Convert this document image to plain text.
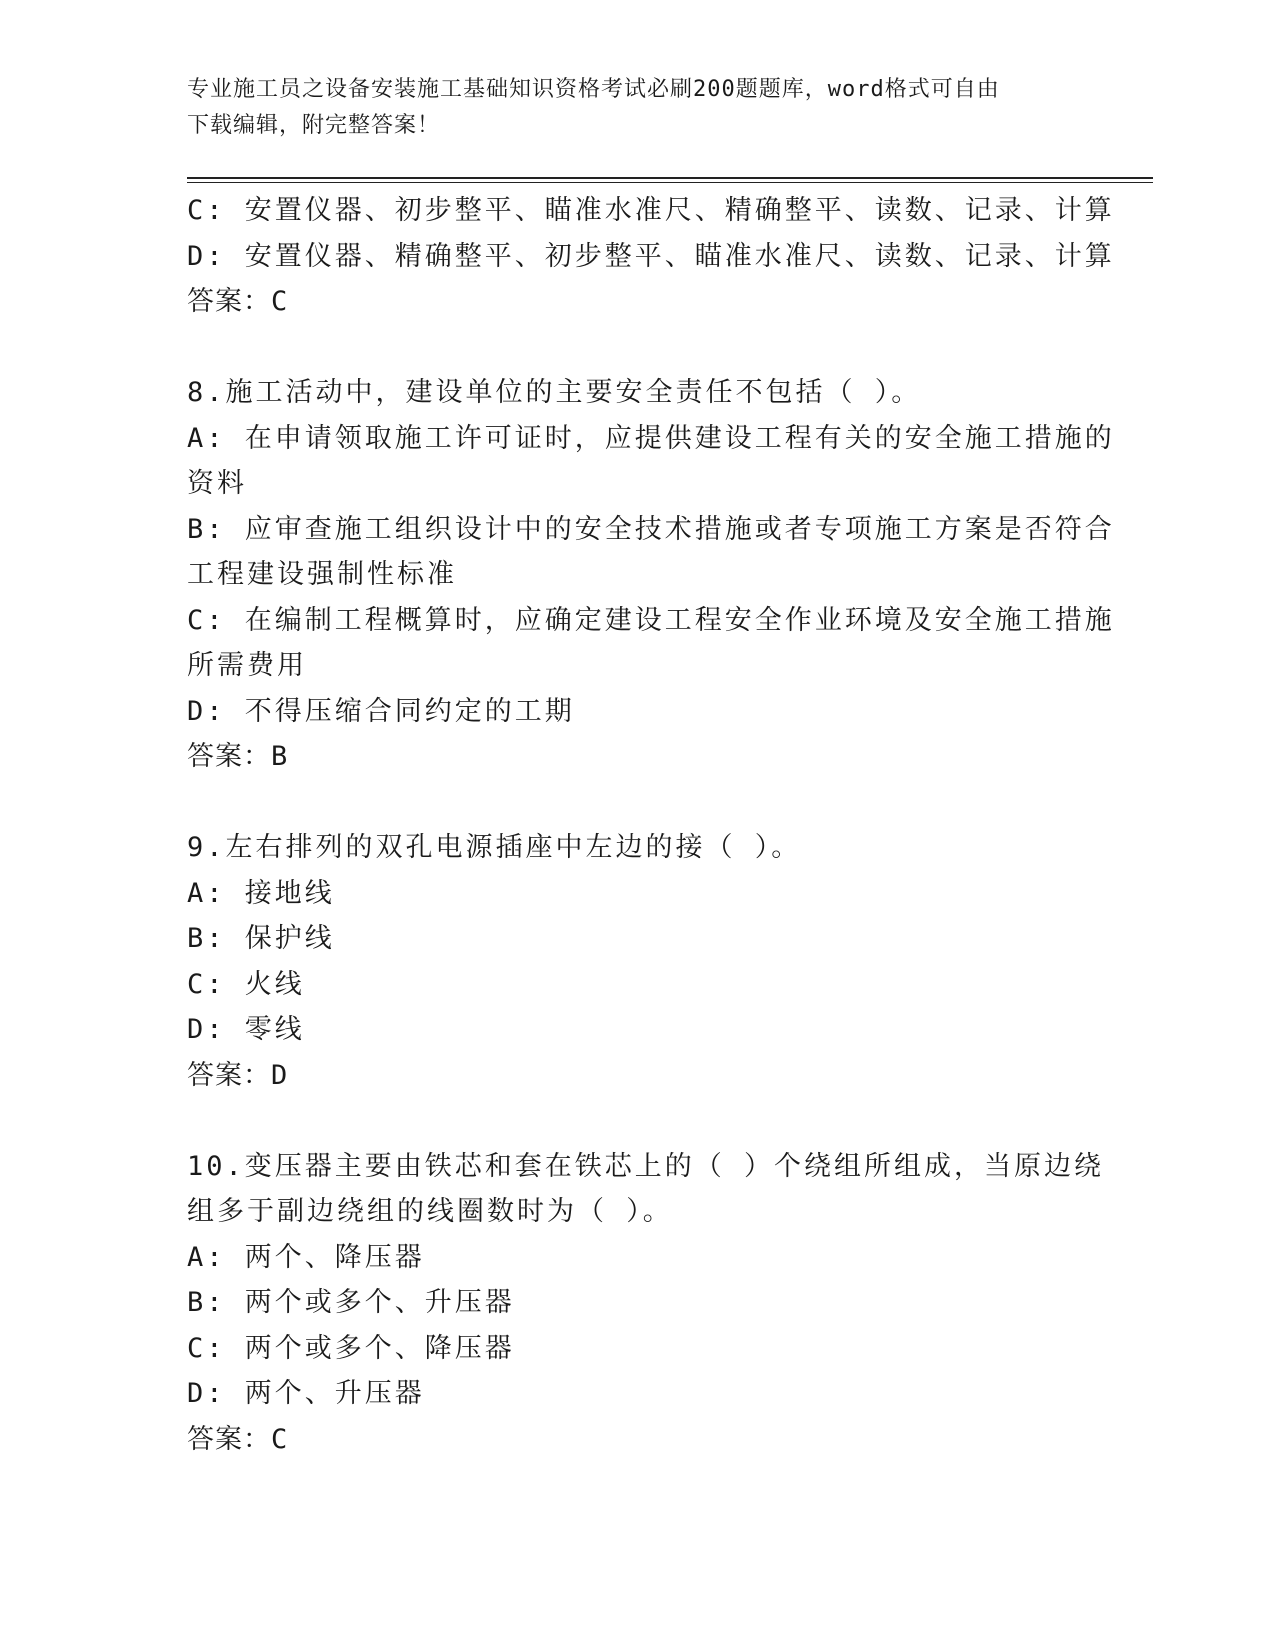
专业施工员之设备安装施工基础知识资格考试必刷200题题库，word格式可自由
下载编辑，附完整答案！
C: 安置仪器、初步整平、瞄准水准尺、精确整平、读数、记录、计算
D: 安置仪器、精确整平、初步整平、瞄准水准尺、读数、记录、计算
答案：C
8.施工活动中，建设单位的主要安全责任不包括（ ）。
A: 在申请领取施工许可证时，应提供建设工程有关的安全施工措施的
资料
B: 应审查施工组织设计中的安全技术措施或者专项施工方案是否符合
工程建设强制性标准
C: 在编制工程概算时，应确定建设工程安全作业环境及安全施工措施
所需费用
D: 不得压缩合同约定的工期
答案：B
9.左右排列的双孔电源插座中左边的接（ ）。
A: 接地线
B: 保护线
C: 火线
D: 零线
答案：D
10.变压器主要由铁芯和套在铁芯上的（ ）个绕组所组成，当原边绕
组多于副边绕组的线圈数时为（ ）。
A: 两个、降压器
B: 两个或多个、升压器
C: 两个或多个、降压器
D: 两个、升压器
答案：C
